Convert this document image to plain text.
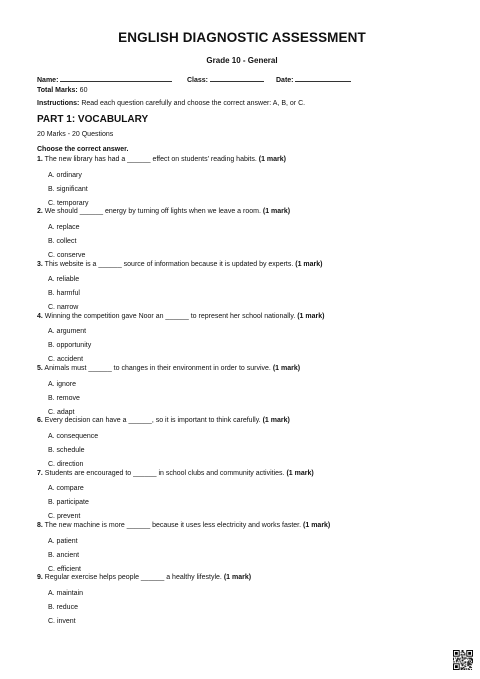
ENGLISH DIAGNOSTIC ASSESSMENT
Grade 10 - General
Name:	Class:	Date:
Total Marks: 60
Instructions: Read each question carefully and choose the correct answer: A, B, or C.
PART 1: VOCABULARY
20 Marks - 20 Questions
Choose the correct answer.
1. The new library has had a ______ effect on students' reading habits. (1 mark)
A. ordinary
B. significant
C. temporary
2. We should ______ energy by turning off lights when we leave a room. (1 mark)
A. replace
B. collect
C. conserve
3. This website is a ______ source of information because it is updated by experts. (1 mark)
A. reliable
B. harmful
C. narrow
4. Winning the competition gave Noor an ______ to represent her school nationally. (1 mark)
A. argument
B. opportunity
C. accident
5. Animals must ______ to changes in their environment in order to survive. (1 mark)
A. ignore
B. remove
C. adapt
6. Every decision can have a ______, so it is important to think carefully. (1 mark)
A. consequence
B. schedule
C. direction
7. Students are encouraged to ______ in school clubs and community activities. (1 mark)
A. compare
B. participate
C. prevent
8. The new machine is more ______ because it uses less electricity and works faster. (1 mark)
A. patient
B. ancient
C. efficient
9. Regular exercise helps people ______ a healthy lifestyle. (1 mark)
A. maintain
B. reduce
C. invent
